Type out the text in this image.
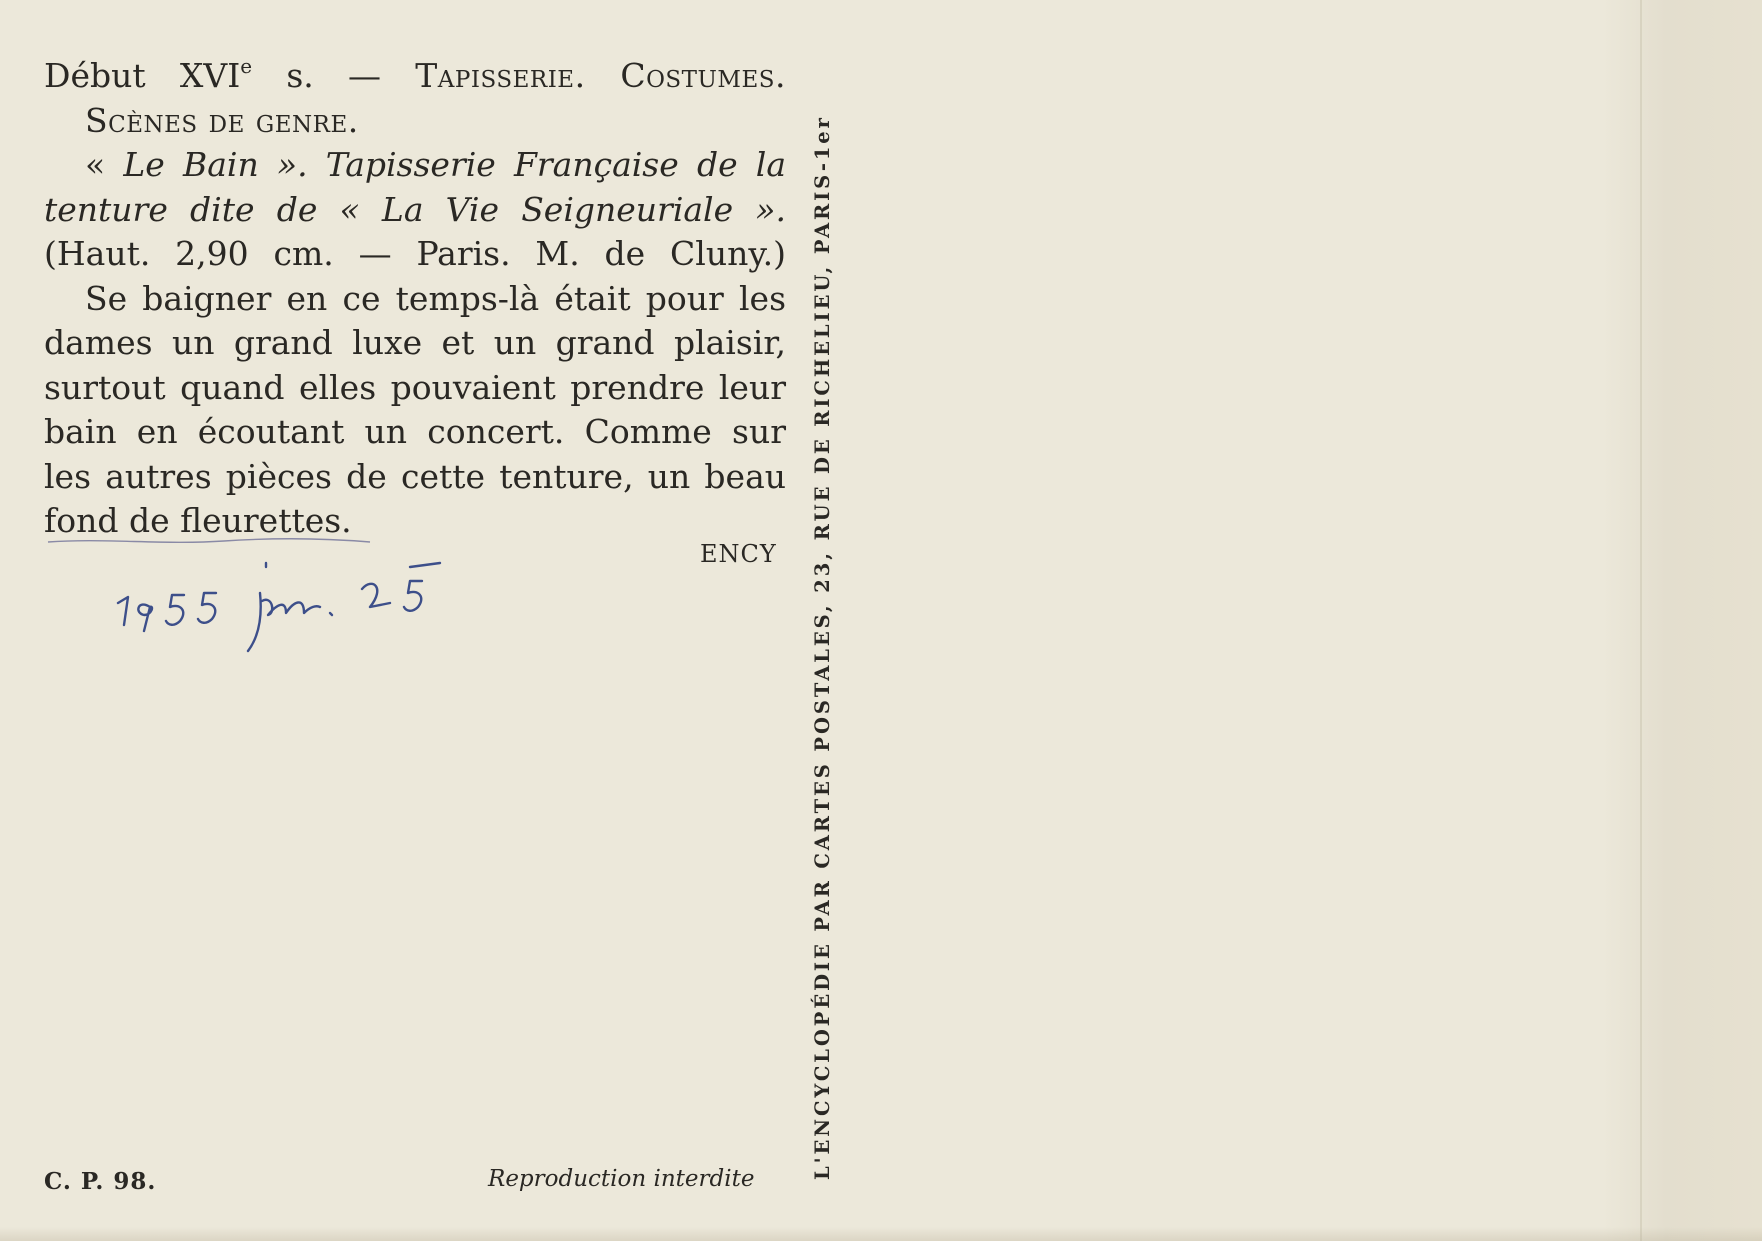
Début XVIe s. — Tapisserie. Costumes.
Scènes de genre.
« Le Bain ». Tapisserie Française de la
tenture dite de « La Vie Seigneuriale ».
(Haut. 2,90 cm. — Paris. M. de Cluny.)
Se baigner en ce temps-là était pour les
dames un grand luxe et un grand plaisir,
surtout quand elles pouvaient prendre leur
bain en écoutant un concert. Comme sur
les autres pièces de cette tenture, un beau
fond de fleurettes.
ENCY
C. P. 98.	Reproduction interdite	L'ENCYCLOPÉDIE PAR CARTES POSTALES, 23, RUE DE RICHELIEU, PARIS-1er
